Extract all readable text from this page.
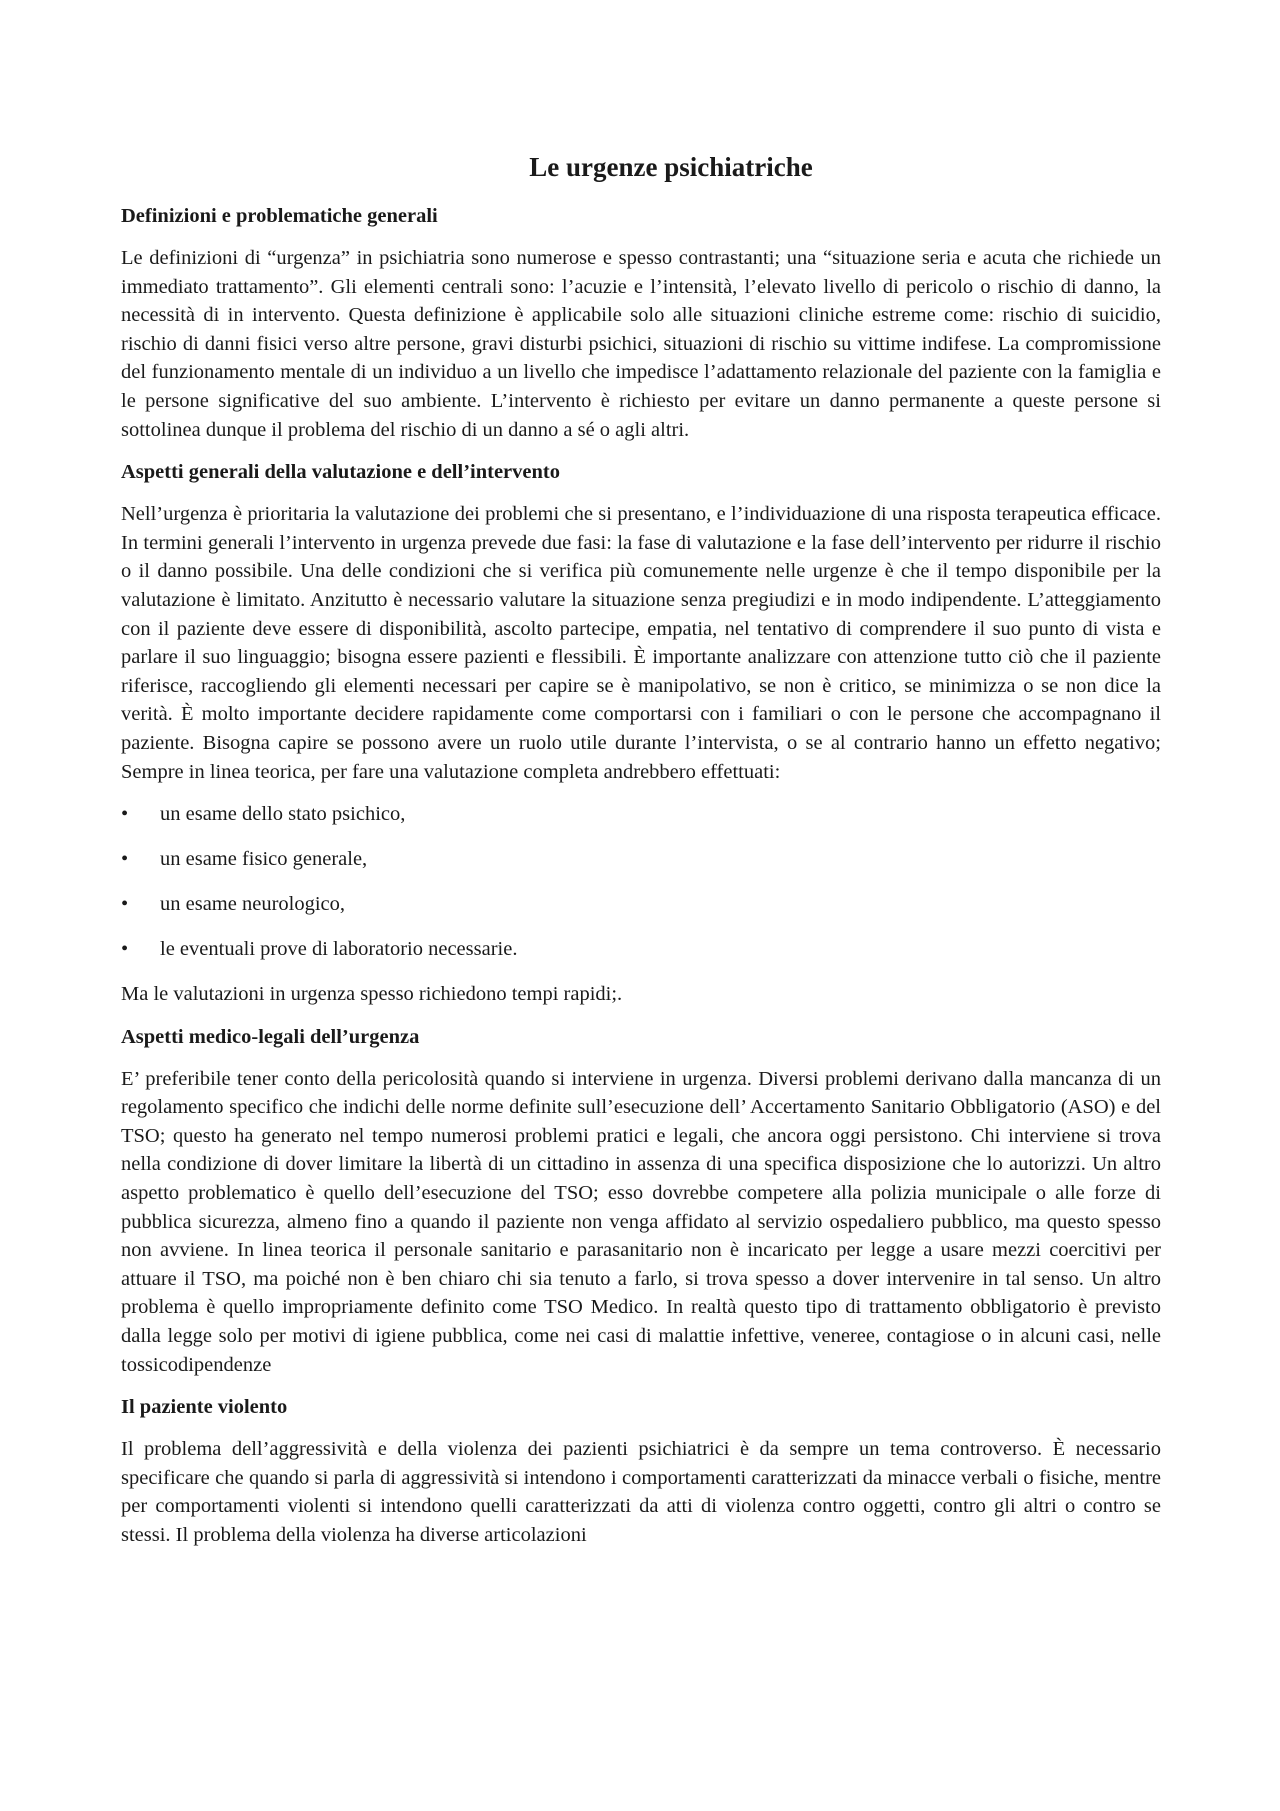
Le urgenze psichiatriche
Definizioni e problematiche generali

Le definizioni di “urgenza” in psichiatria sono numerose e spesso contrastanti; una “situazione seria e acuta che richiede un immediato trattamento”. Gli elementi centrali sono: l’acuzie e l’intensità, l’elevato livello di pericolo o rischio di danno, la necessità di in intervento. Questa definizione è applicabile solo alle situazioni cliniche estreme come: rischio di suicidio, rischio di danni fisici verso altre persone, gravi disturbi psichici, situazioni di rischio su vittime indifese. La compromissione del funzionamento mentale di un individuo a un livello che impedisce l’adattamento relazionale del paziente con la famiglia e le persone significative del suo ambiente. L’intervento è richiesto per evitare un danno permanente a queste persone si sottolinea dunque il problema del rischio di un danno a sé o agli altri.

Aspetti generali della valutazione e dell’intervento

Nell’urgenza è prioritaria la valutazione dei problemi che si presentano, e l’individuazione di una risposta terapeutica efficace. In termini generali l’intervento in urgenza prevede due fasi: la fase di valutazione e la fase dell’intervento per ridurre il rischio o il danno possibile. Una delle condizioni che si verifica più comunemente nelle urgenze è che il tempo disponibile per la valutazione è limitato. Anzitutto è necessario valutare la situazione senza pregiudizi e in modo indipendente. L’atteggiamento con il paziente deve essere di disponibilità, ascolto partecipe, empatia, nel tentativo di comprendere il suo punto di vista e parlare il suo linguaggio; bisogna essere pazienti e flessibili. È importante analizzare con attenzione tutto ciò che il paziente riferisce, raccogliendo gli elementi necessari per capire se è manipolativo, se non è critico, se minimizza o se non dice la verità. È molto importante decidere rapidamente come comportarsi con i familiari o con le persone che accompagnano il paziente. Bisogna capire se possono avere un ruolo utile durante l’intervista, o se al contrario hanno un effetto negativo; Sempre in linea teorica, per fare una valutazione completa andrebbero effettuati:

• un esame dello stato psichico,
• un esame fisico generale,
• un esame neurologico,
• le eventuali prove di laboratorio necessarie.

Ma le valutazioni in urgenza spesso richiedono tempi rapidi;.

Aspetti medico-legali dell’urgenza

E’ preferibile tener conto della pericolosità quando si interviene in urgenza. Diversi problemi derivano dalla mancanza di un regolamento specifico che indichi delle norme definite sull’esecuzione dell’ Accertamento Sanitario Obbligatorio (ASO) e del TSO; questo ha generato nel tempo numerosi problemi pratici e legali, che ancora oggi persistono. Chi interviene si trova nella condizione di dover limitare la libertà di un cittadino in assenza di una specifica disposizione che lo autorizzi. Un altro aspetto problematico è quello dell’esecuzione del TSO; esso dovrebbe competere alla polizia municipale o alle forze di pubblica sicurezza, almeno fino a quando il paziente non venga affidato al servizio ospedaliero pubblico, ma questo spesso non avviene. In linea teorica il personale sanitario e parasanitario non è incaricato per legge a usare mezzi coercitivi per attuare il TSO, ma poiché non è ben chiaro chi sia tenuto a farlo, si trova spesso a dover intervenire in tal senso. Un altro problema è quello impropriamente definito come TSO Medico. In realtà questo tipo di trattamento obbligatorio è previsto dalla legge solo per motivi di igiene pubblica, come nei casi di malattie infettive, veneree, contagiose o in alcuni casi, nelle tossicodipendenze

Il paziente violento

Il problema dell’aggressività e della violenza dei pazienti psichiatrici è da sempre un tema controverso. È necessario specificare che quando si parla di aggressività si intendono i comportamenti caratterizzati da minacce verbali o fisiche, mentre per comportamenti violenti si intendono quelli caratterizzati da atti di violenza contro oggetti, contro gli altri o contro se stessi. Il problema della violenza ha diverse articolazioni
